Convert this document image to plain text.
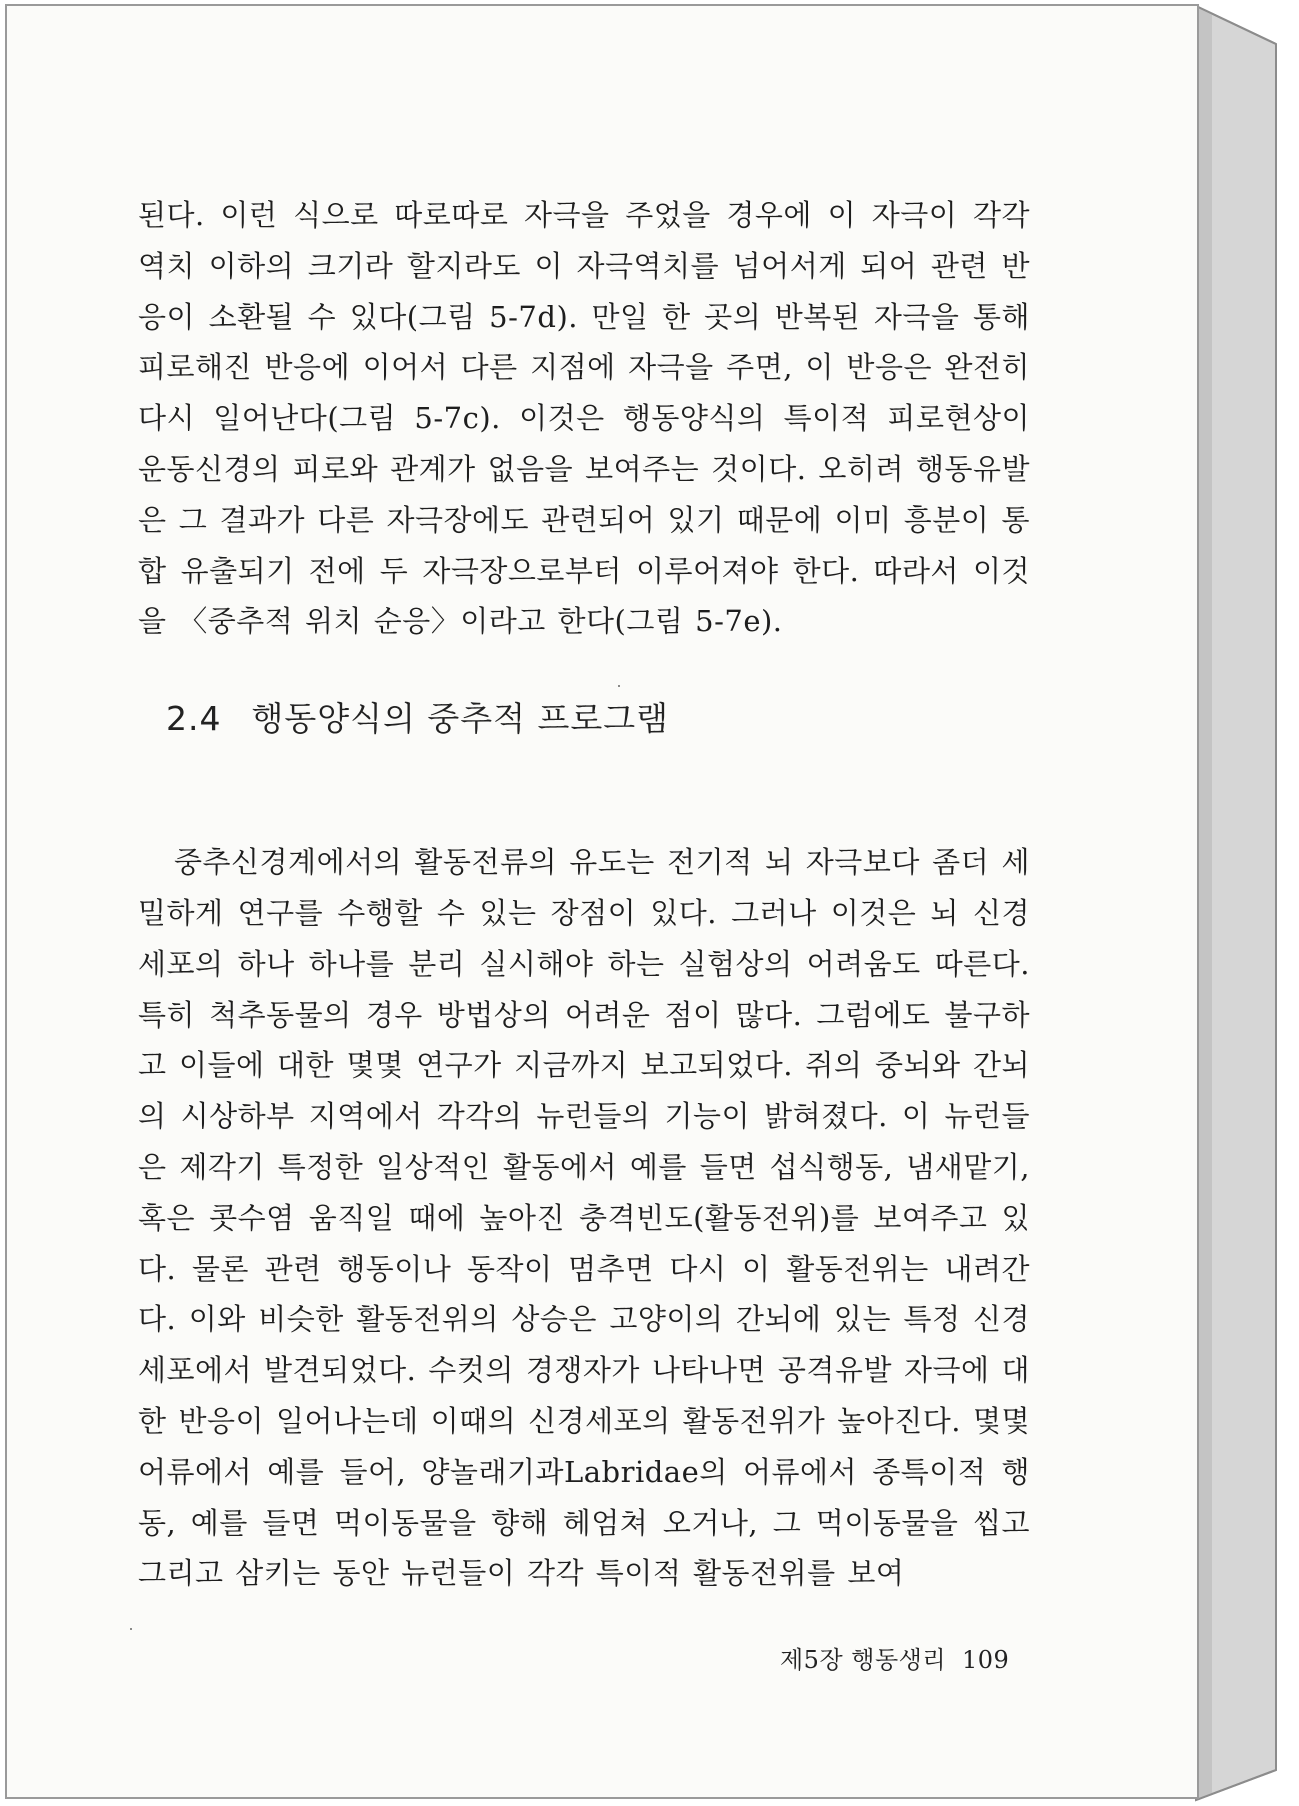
된다. 이런 식으로 따로따로 자극을 주었을 경우에 이 자극이 각각 역치 이하의 크기라 할지라도 이 자극역치를 넘어서게 되어 관련 반응이 소환될 수 있다(그림 5-7d). 만일 한 곳의 반복된 자극을 통해 피로해진 반응에 이어서 다른 지점에 자극을 주면, 이 반응은 완전히 다시 일어난다(그림 5-7c). 이것은 행동양식의 특이적 피로현상이 운동신경의 피로와 관계가 없음을 보여주는 것이다. 오히려 행동유발은 그 결과가 다른 자극장에도 관련되어 있기 때문에 이미 흥분이 통합 유출되기 전에 두 자극장으로부터 이루어져야 한다. 따라서 이것을 〈중추적 위치 순응〉이라고 한다(그림 5-7e).

2.4 행동양식의 중추적 프로그램

중추신경계에서의 활동전류의 유도는 전기적 뇌 자극보다 좀더 세밀하게 연구를 수행할 수 있는 장점이 있다. 그러나 이것은 뇌 신경세포의 하나 하나를 분리 실시해야 하는 실험상의 어려움도 따른다. 특히 척추동물의 경우 방법상의 어려운 점이 많다. 그럼에도 불구하고 이들에 대한 몇몇 연구가 지금까지 보고되었다. 쥐의 중뇌와 간뇌의 시상하부 지역에서 각각의 뉴런들의 기능이 밝혀졌다. 이 뉴런들은 제각기 특정한 일상적인 활동에서 예를 들면 섭식행동, 냄새맡기, 혹은 콧수염 움직일 때에 높아진 충격빈도(활동전위)를 보여주고 있다. 물론 관련 행동이나 동작이 멈추면 다시 이 활동전위는 내려간다. 이와 비슷한 활동전위의 상승은 고양이의 간뇌에 있는 특정 신경세포에서 발견되었다. 수컷의 경쟁자가 나타나면 공격유발 자극에 대한 반응이 일어나는데 이때의 신경세포의 활동전위가 높아진다. 몇몇 어류에서 예를 들어, 양놀래기과Labridae의 어류에서 종특이적 행동, 예를 들면 먹이동물을 향해 헤엄쳐 오거나, 그 먹이동물을 씹고 그리고 삼키는 동안 뉴런들이 각각 특이적 활동전위를 보여

제5장 행동생리 109
